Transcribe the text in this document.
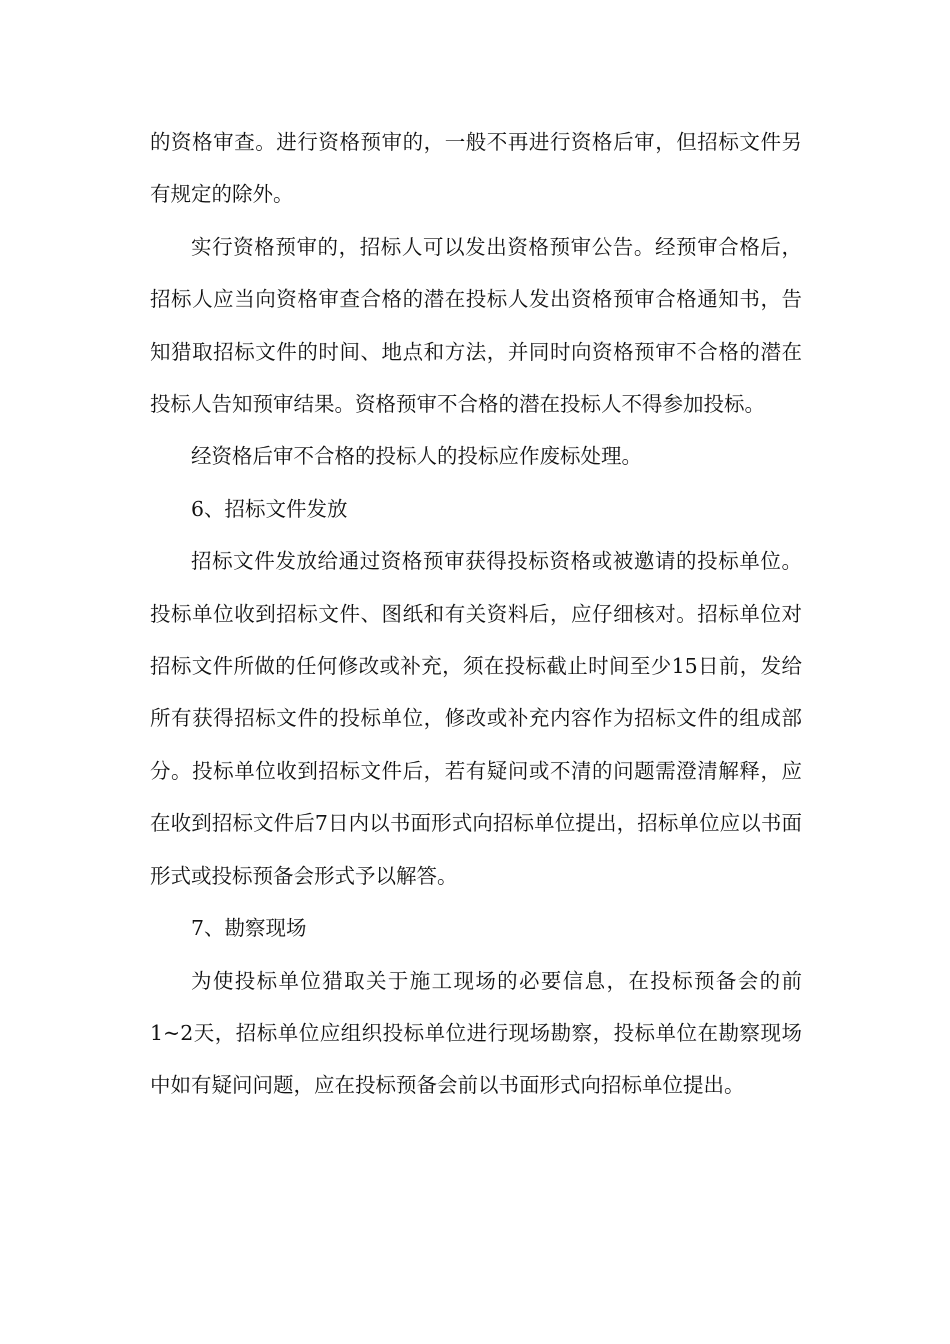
的资格审查。进行资格预审的，一般不再进行资格后审，但招标文件另有规定的除外。

实行资格预审的，招标人可以发出资格预审公告。经预审合格后，招标人应当向资格审查合格的潜在投标人发出资格预审合格通知书，告知猎取招标文件的时间、地点和方法，并同时向资格预审不合格的潜在投标人告知预审结果。资格预审不合格的潜在投标人不得参加投标。

经资格后审不合格的投标人的投标应作废标处理。

6、招标文件发放

招标文件发放给通过资格预审获得投标资格或被邀请的投标单位。投标单位收到招标文件、图纸和有关资料后，应仔细核对。招标单位对招标文件所做的任何修改或补充，须在投标截止时间至少15日前，发给所有获得招标文件的投标单位，修改或补充内容作为招标文件的组成部分。投标单位收到招标文件后，若有疑问或不清的问题需澄清解释，应在收到招标文件后7日内以书面形式向招标单位提出，招标单位应以书面形式或投标预备会形式予以解答。

7、勘察现场

为使投标单位猎取关于施工现场的必要信息，在投标预备会的前1~2天，招标单位应组织投标单位进行现场勘察，投标单位在勘察现场中如有疑问问题，应在投标预备会前以书面形式向招标单位提出。
